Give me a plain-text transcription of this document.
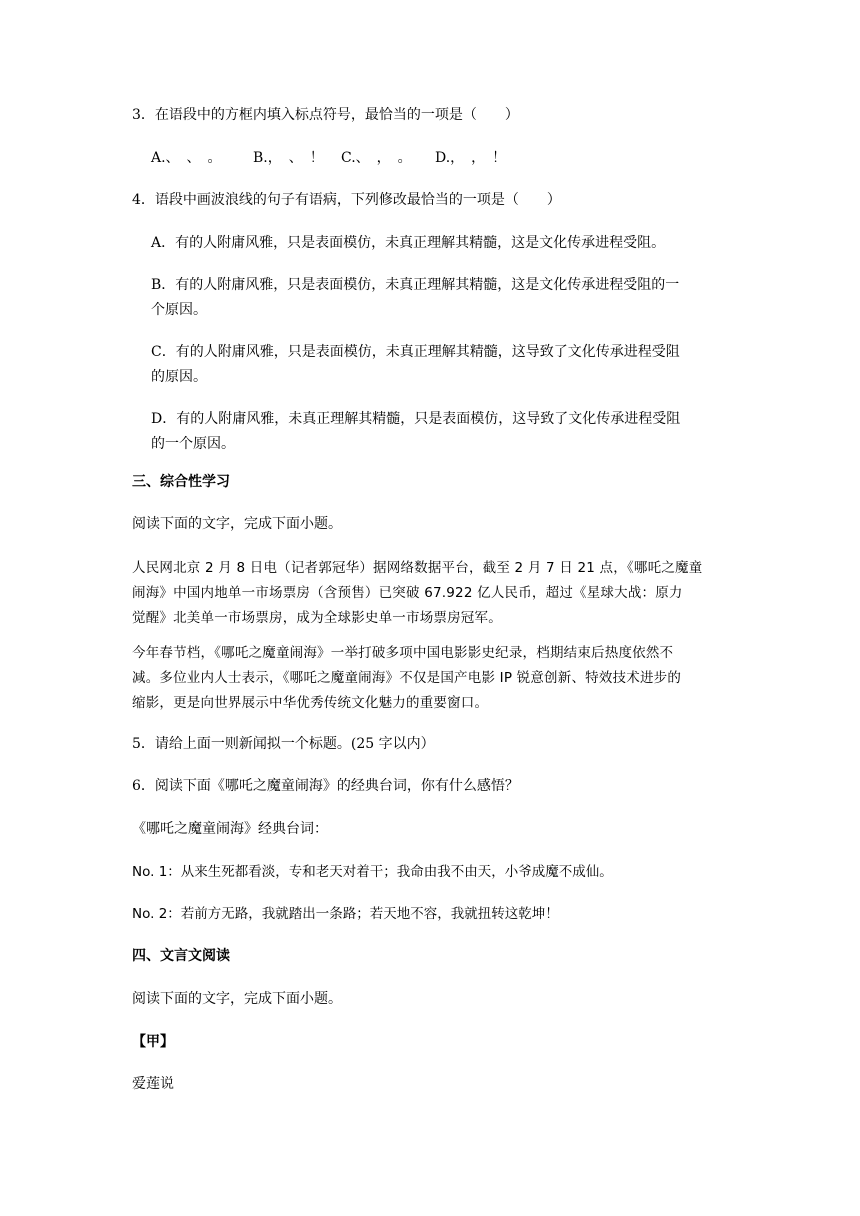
3．在语段中的方框内填入标点符号，最恰当的一项是（　　）
A.、　、　。 B.，　、　！ C.、　，　。 D.，　，　！
4．语段中画波浪线的句子有语病，下列修改最恰当的一项是（　　）
A．有的人附庸风雅，只是表面模仿，未真正理解其精髓，这是文化传承进程受阻。
B．有的人附庸风雅，只是表面模仿，未真正理解其精髓，这是文化传承进程受阻的一
个原因。
C．有的人附庸风雅，只是表面模仿，未真正理解其精髓，这导致了文化传承进程受阻
的原因。
D．有的人附庸风雅，未真正理解其精髓，只是表面模仿，这导致了文化传承进程受阻
的一个原因。
三、综合性学习
阅读下面的文字，完成下面小题。
人民网北京 2 月 8 日电（记者郭冠华）据网络数据平台，截至 2 月 7 日 21 点，《哪吒之魔童
闹海》中国内地单一市场票房（含预售）已突破 67.922 亿人民币，超过《星球大战：原力
觉醒》北美单一市场票房，成为全球影史单一市场票房冠军。
今年春节档，《哪吒之魔童闹海》一举打破多项中国电影影史纪录，档期结束后热度依然不
减。多位业内人士表示，《哪吒之魔童闹海》不仅是国产电影 IP 锐意创新、特效技术进步的
缩影，更是向世界展示中华优秀传统文化魅力的重要窗口。
5．请给上面一则新闻拟一个标题。(25 字以内）
6．阅读下面《哪吒之魔童闹海》的经典台词，你有什么感悟？
《哪吒之魔童闹海》经典台词：
No. 1：从来生死都看淡，专和老天对着干；我命由我不由天，小爷成魔不成仙。
No. 2：若前方无路，我就踏出一条路；若天地不容，我就扭转这乾坤！
四、文言文阅读
阅读下面的文字，完成下面小题。
【甲】
爱莲说
